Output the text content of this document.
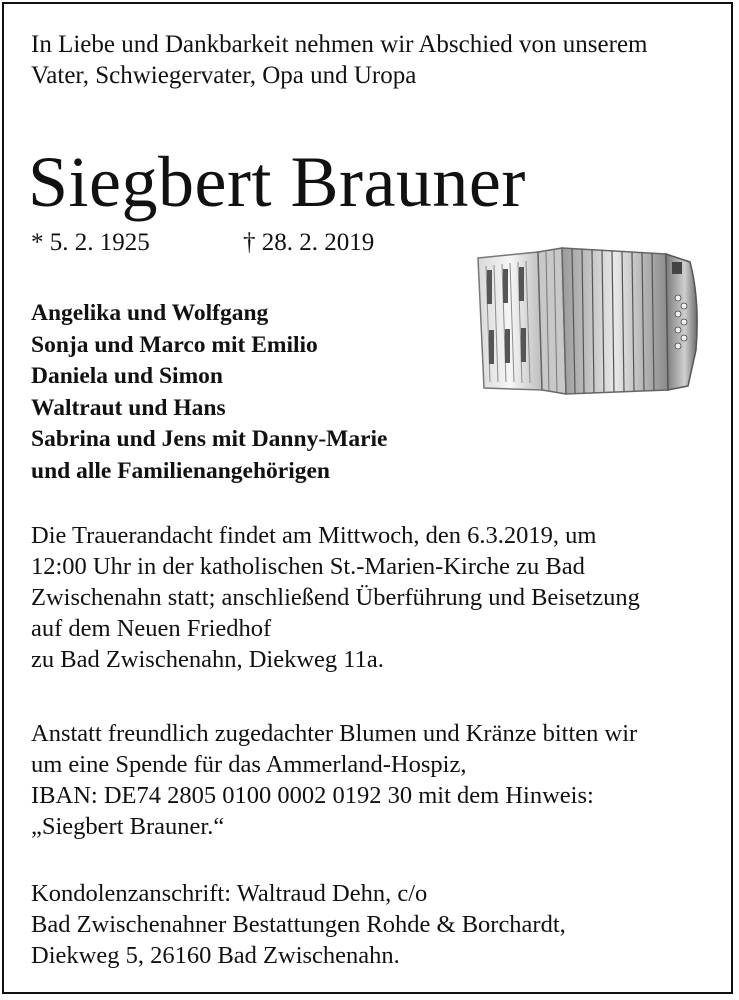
In Liebe und Dankbarkeit nehmen wir Abschied von unserem
Vater, Schwiegervater, Opa und Uropa

Siegbert Brauner
* 5. 2. 1925	† 28. 2. 2019
Angelika und Wolfgang
Sonja und Marco mit Emilio
Daniela und Simon
Waltraut und Hans
Sabrina und Jens mit Danny-Marie
und alle Familienangehörigen

Die Trauerandacht findet am Mittwoch, den 6.3.2019, um
12:00 Uhr in der katholischen St.-Marien-Kirche zu Bad
Zwischenahn statt; anschließend Überführung und Beisetzung
auf dem Neuen Friedhof
zu Bad Zwischenahn, Diekweg 11a.

Anstatt freundlich zugedachter Blumen und Kränze bitten wir
um eine Spende für das Ammerland-Hospiz,
IBAN: DE74 2805 0100 0002 0192 30 mit dem Hinweis:
„Siegbert Brauner.“

Kondolenzanschrift: Waltraud Dehn, c/o
Bad Zwischenahner Bestattungen Rohde & Borchardt,
Diekweg 5, 26160 Bad Zwischenahn.
